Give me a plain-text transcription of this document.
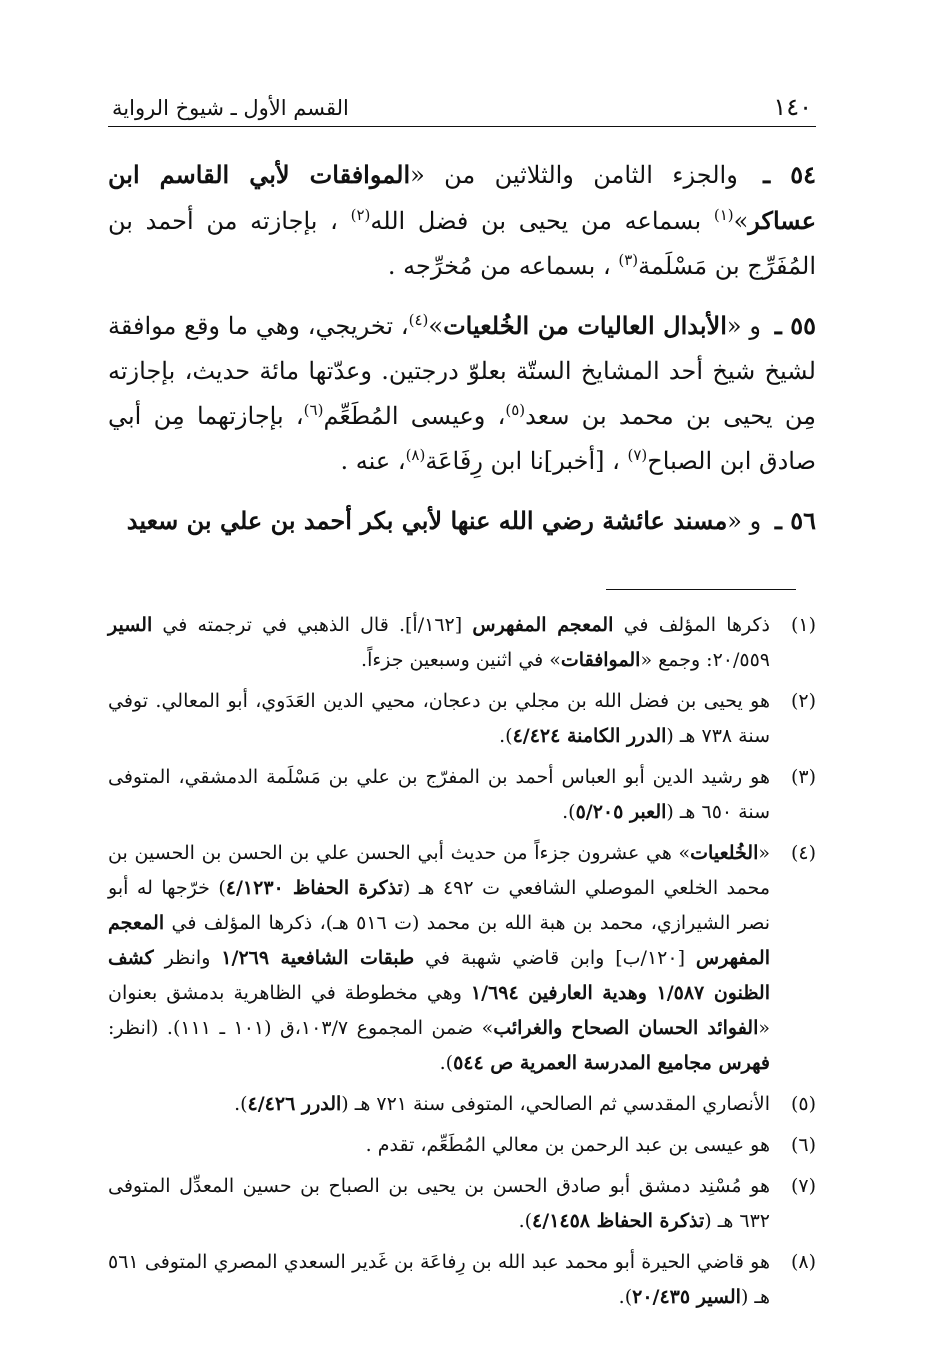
١٤٠
القسم الأول ـ شيوخ الرواية

٥٤ ـ والجزء الثامن والثلاثين من «الموافقات لأبي القاسم ابن عساكر»$^{(١)}$ بسماعه من يحيى بن فضل الله$^{(٢)}$ ، بإجازته من أحمد بن المُفَرِّج بن مَسْلَمة$^{(٣)}$ ، بسماعه من مُخرِّجه .

٥٥ ـ و «الأبدال العاليات من الخُلعيات»$^{(٤)}$، تخريجي، وهي ما وقع موافقة لشيخ شيخ أحد المشايخ الستّة بعلوّ درجتين. وعدّتها مائة حديث، بإجازته مِن يحيى بن محمد بن سعد$^{(٥)}$، وعيسى المُطَعِّم$^{(٦)}$، بإجازتهما مِن أبي صادق ابن الصباح$^{(٧)}$ ، [أخبر]نا ابن رِفَاعَة$^{(٨)}$، عنه .

٥٦ ـ و «مسند عائشة رضي الله عنها لأبي بكر أحمد بن علي بن سعيد

(١)
ذكرها المؤلف في المعجم المفهرس [١٦٢/أ]. قال الذهبي في ترجمته في السير ٢٠/٥٥٩: وجمع «الموافقات» في اثنين وسبعين جزءاً.
(٢)
هو يحيى بن فضل الله بن مجلي بن دعجان، محيي الدين العَدَوي، أبو المعالي. توفي سنة ٧٣٨ هـ (الدرر الكامنة ٤/٤٢٤).
(٣)
هو رشيد الدين أبو العباس أحمد بن المفرّج بن علي بن مَسْلَمة الدمشقي، المتوفى سنة ٦٥٠ هـ (العبر ٥/٢٠٥).
(٤)
«الخُلعيات» هي عشرون جزءاً من حديث أبي الحسن علي بن الحسن بن الحسين بن محمد الخلعي الموصلي الشافعي ت ٤٩٢ هـ (تذكرة الحفاظ ٤/١٢٣٠) خرّجها له أبو نصر الشيرازي، محمد بن هبة الله بن محمد (ت ٥١٦ هـ)، ذكرها المؤلف في المعجم المفهرس [١٢٠/ب] وابن قاضي شهبة في طبقات الشافعية ١/٢٦٩ وانظر كشف الظنون ١/٥٨٧ وهدية العارفين ١/٦٩٤ وهي مخطوطة في الظاهرية بدمشق بعنوان «الفوائد الحسان الصحاح والغرائب» ضمن المجموع ١٠٣/٧،ق (١٠١ ـ ١١١). (انظر: فهرس مجاميع المدرسة العمرية ص ٥٤٤).
(٥)
الأنصاري المقدسي ثم الصالحي، المتوفى سنة ٧٢١ هـ (الدرر ٤/٤٢٦).
(٦)
هو عيسى بن عبد الرحمن بن معالي المُطَعِّم، تقدم .
(٧)
هو مُسْنِد دمشق أبو صادق الحسن بن يحيى بن الصباح بن حسين المعدِّل المتوفى ٦٣٢ هـ (تذكرة الحفاظ ٤/١٤٥٨).
(٨)
هو قاضي الحيرة أبو محمد عبد الله بن رِفاعَة بن غَدير السعدي المصري المتوفى ٥٦١ هـ (السير ٢٠/٤٣٥).
